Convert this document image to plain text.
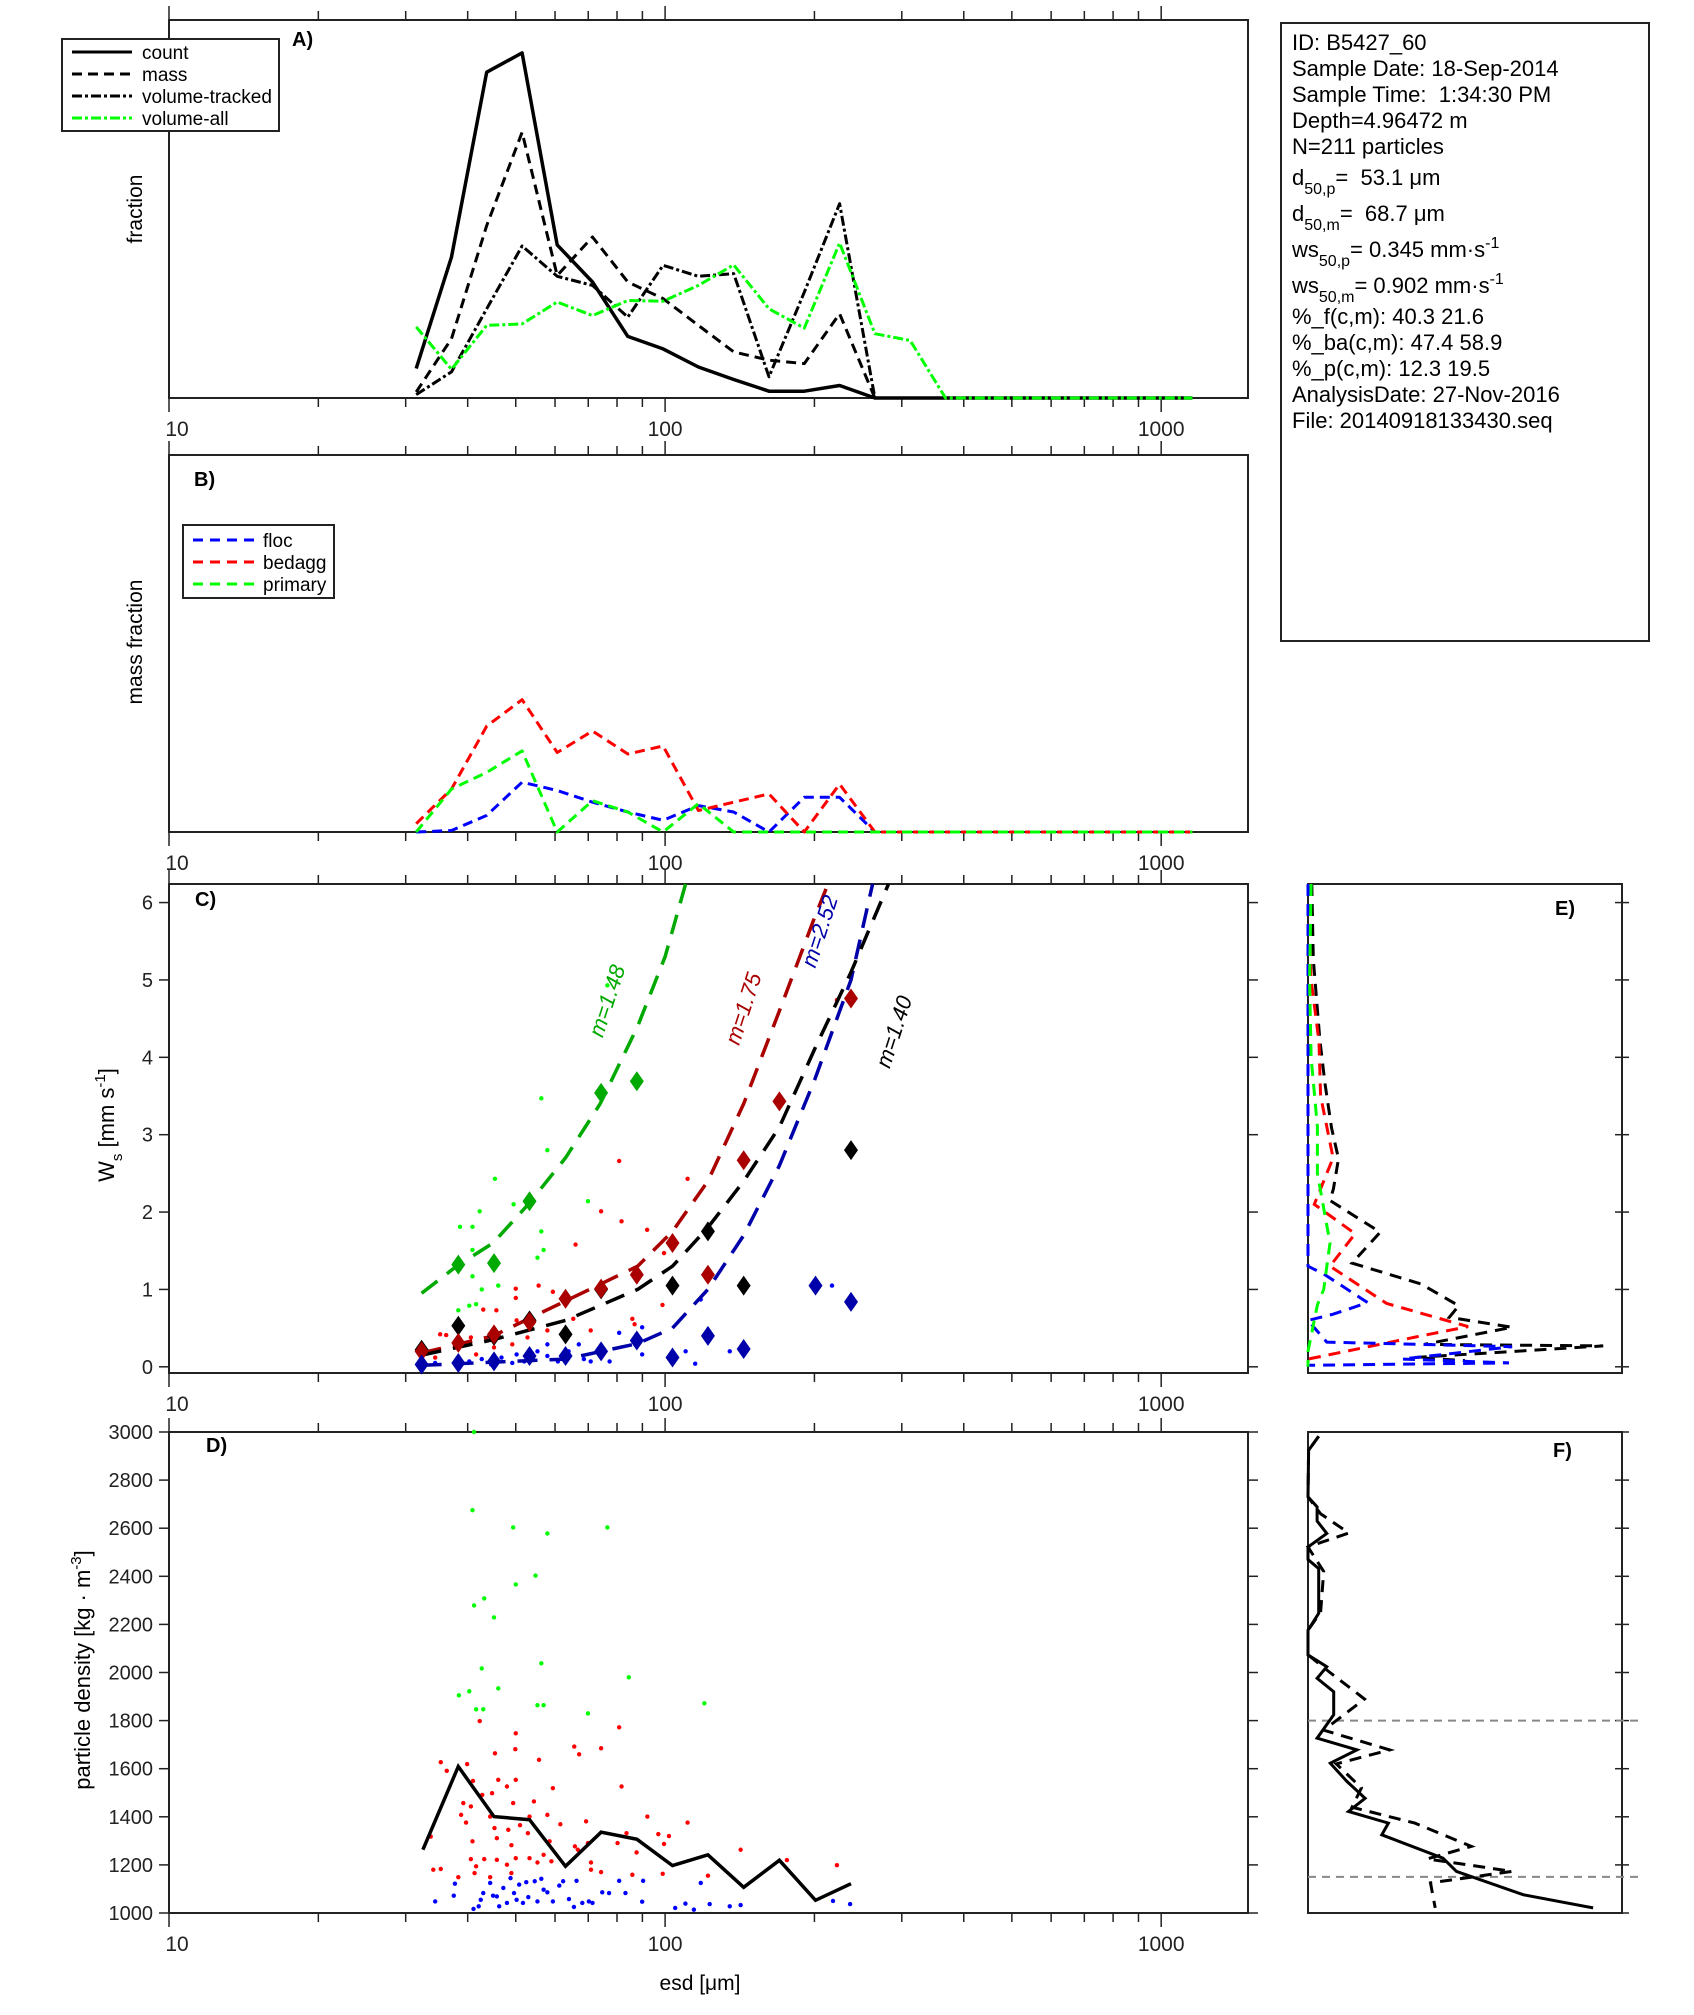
10	100	1000
10	100	1000
10	100	1000
10	100	1000
0
1
2
3
4
5
6
1000
1200
1400
1600
1800
2000
2200
2400
2600
2800
3000
m=1.48	m=1.75
m=2.52
m=1.40
count
mass
volume-tracked
volume-all
floc
bedagg
primary
A)
B)
C)
D)
E)
F)
fraction
mass fraction
$W_s$ [mm $s^{-1}$]
particle density $[kg \cdot m^{-3}]$
esd [μm]
ID: B5427_60
Sample Date: 18-Sep-2014
Sample Time:  1:34:30 PM
Depth=4.96472 m
N=211 particles
$d_{50,p}= 53.1$ μm
$d_{50,m}= 68.7$ μm
$ws_{50,p}= 0.345$ $mm\cdot s^{-1}$
$ws_{50,m}= 0.902$ $mm\cdot s^{-1}$
%_f(c,m): 40.3 21.6
%_ba(c,m): 47.4 58.9
%_p(c,m): 12.3 19.5
AnalysisDate: 27-Nov-2016
File: 20140918133430.seq
